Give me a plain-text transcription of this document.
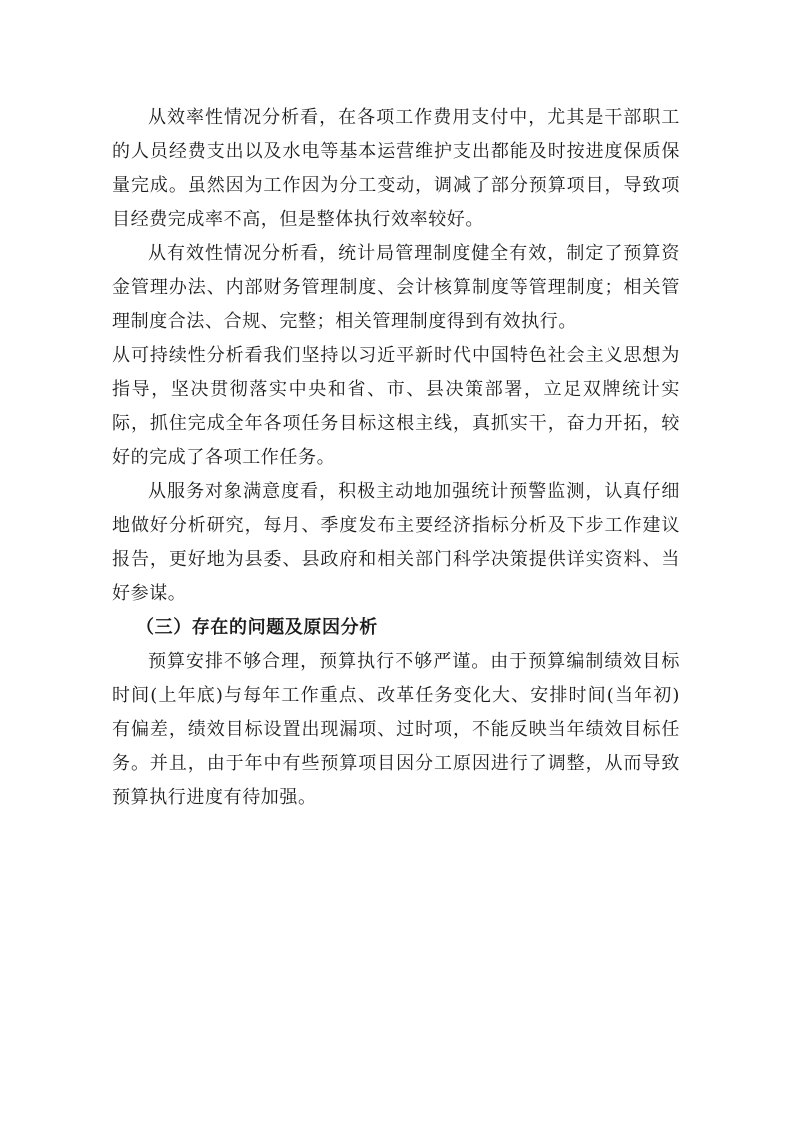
从效率性情况分析看，在各项工作费用支付中，尤其是干部职工的人员经费支出以及水电等基本运营维护支出都能及时按进度保质保量完成。虽然因为工作因为分工变动，调减了部分预算项目，导致项目经费完成率不高，但是整体执行效率较好。

从有效性情况分析看，统计局管理制度健全有效，制定了预算资金管理办法、内部财务管理制度、会计核算制度等管理制度；相关管理制度合法、合规、完整；相关管理制度得到有效执行。

从可持续性分析看我们坚持以习近平新时代中国特色社会主义思想为指导，坚决贯彻落实中央和省、市、县决策部署，立足双牌统计实际，抓住完成全年各项任务目标这根主线，真抓实干，奋力开拓，较好的完成了各项工作任务。

从服务对象满意度看，积极主动地加强统计预警监测，认真仔细地做好分析研究，每月、季度发布主要经济指标分析及下步工作建议报告，更好地为县委、县政府和相关部门科学决策提供详实资料、当好参谋。

（三）存在的问题及原因分析

预算安排不够合理，预算执行不够严谨。由于预算编制绩效目标时间(上年底)与每年工作重点、改革任务变化大、安排时间(当年初)有偏差，绩效目标设置出现漏项、过时项，不能反映当年绩效目标任务。并且，由于年中有些预算项目因分工原因进行了调整，从而导致预算执行进度有待加强。
